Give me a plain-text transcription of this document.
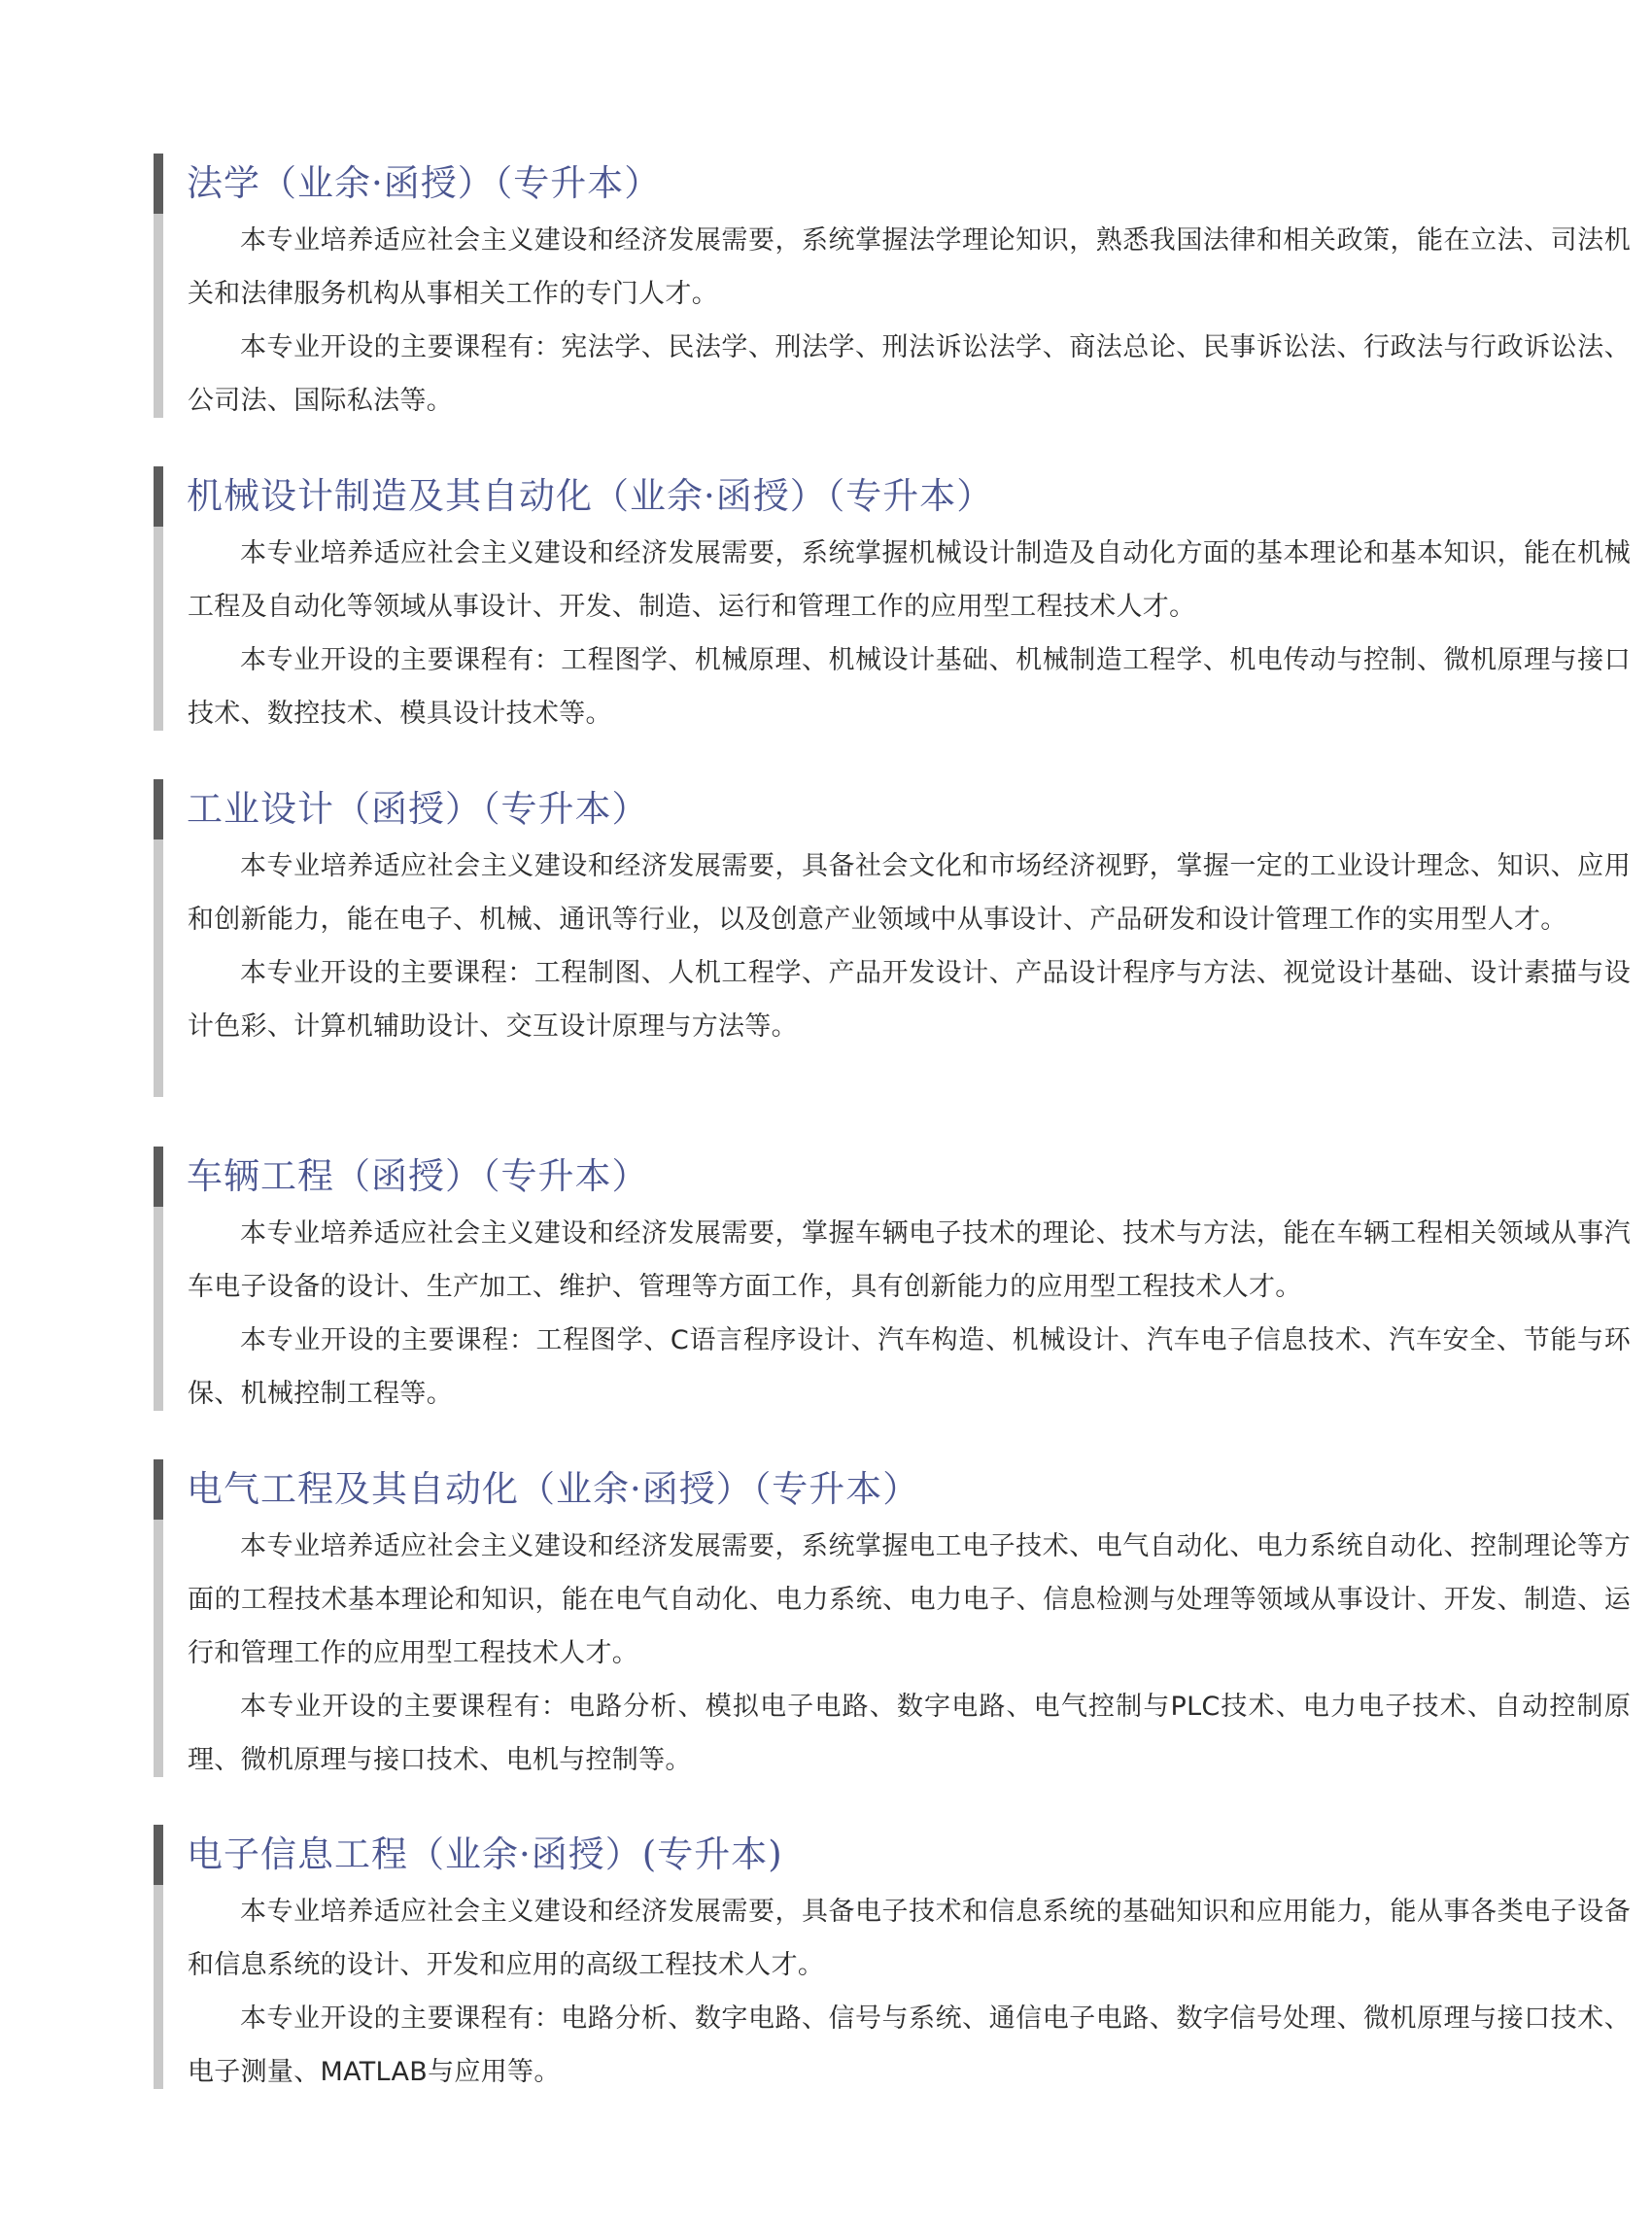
法学（业余·函授）（专升本）

本专业培养适应社会主义建设和经济发展需要，系统掌握法学理论知识，熟悉我国法律和相关政策，能在立法、司法机关和法律服务机构从事相关工作的专门人才。

本专业开设的主要课程有：宪法学、民法学、刑法学、刑法诉讼法学、商法总论、民事诉讼法、行政法与行政诉讼法、公司法、国际私法等。

机械设计制造及其自动化（业余·函授）（专升本）

本专业培养适应社会主义建设和经济发展需要，系统掌握机械设计制造及自动化方面的基本理论和基本知识，能在机械工程及自动化等领域从事设计、开发、制造、运行和管理工作的应用型工程技术人才。

本专业开设的主要课程有：工程图学、机械原理、机械设计基础、机械制造工程学、机电传动与控制、微机原理与接口技术、数控技术、模具设计技术等。

工业设计（函授）（专升本）

本专业培养适应社会主义建设和经济发展需要，具备社会文化和市场经济视野，掌握一定的工业设计理念、知识、应用和创新能力，能在电子、机械、通讯等行业，以及创意产业领域中从事设计、产品研发和设计管理工作的实用型人才。

本专业开设的主要课程：工程制图、人机工程学、产品开发设计、产品设计程序与方法、视觉设计基础、设计素描与设计色彩、计算机辅助设计、交互设计原理与方法等。

车辆工程（函授）（专升本）

本专业培养适应社会主义建设和经济发展需要，掌握车辆电子技术的理论、技术与方法，能在车辆工程相关领域从事汽车电子设备的设计、生产加工、维护、管理等方面工作，具有创新能力的应用型工程技术人才。

本专业开设的主要课程：工程图学、C语言程序设计、汽车构造、机械设计、汽车电子信息技术、汽车安全、节能与环保、机械控制工程等。

电气工程及其自动化（业余·函授）（专升本）

本专业培养适应社会主义建设和经济发展需要，系统掌握电工电子技术、电气自动化、电力系统自动化、控制理论等方面的工程技术基本理论和知识，能在电气自动化、电力系统、电力电子、信息检测与处理等领域从事设计、开发、制造、运行和管理工作的应用型工程技术人才。

本专业开设的主要课程有：电路分析、模拟电子电路、数字电路、电气控制与PLC技术、电力电子技术、自动控制原理、微机原理与接口技术、电机与控制等。

电子信息工程（业余·函授）(专升本)

本专业培养适应社会主义建设和经济发展需要，具备电子技术和信息系统的基础知识和应用能力，能从事各类电子设备和信息系统的设计、开发和应用的高级工程技术人才。

本专业开设的主要课程有：电路分析、数字电路、信号与系统、通信电子电路、数字信号处理、微机原理与接口技术、电子测量、MATLAB与应用等。
